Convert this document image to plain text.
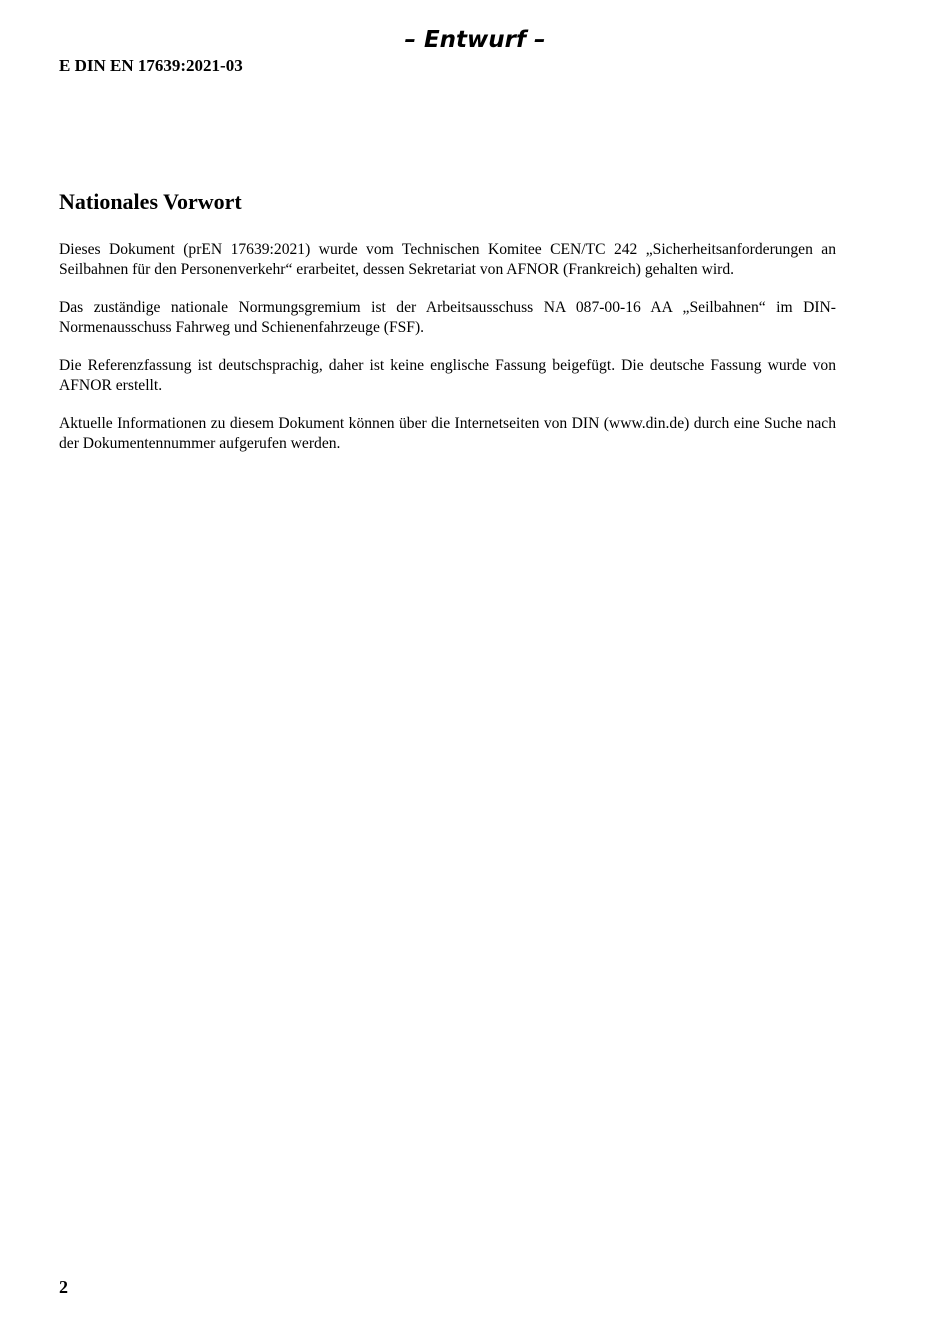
– Entwurf –
E DIN EN 17639:2021-03
Nationales Vorwort

Dieses Dokument (prEN 17639:2021) wurde vom Technischen Komitee CEN/TC 242 „Sicherheitsanforderungen an Seilbahnen für den Personenverkehr“ erarbeitet, dessen Sekretariat von AFNOR (Frankreich) gehalten wird.

Das zuständige nationale Normungsgremium ist der Arbeitsausschuss NA 087-00-16 AA „Seilbahnen“ im DIN-Normenausschuss Fahrweg und Schienenfahrzeuge (FSF).

Die Referenzfassung ist deutschsprachig, daher ist keine englische Fassung beigefügt. Die deutsche Fassung wurde von AFNOR erstellt.

Aktuelle Informationen zu diesem Dokument können über die Internetseiten von DIN (www.din.de) durch eine Suche nach der Dokumentennummer aufgerufen werden.

2
